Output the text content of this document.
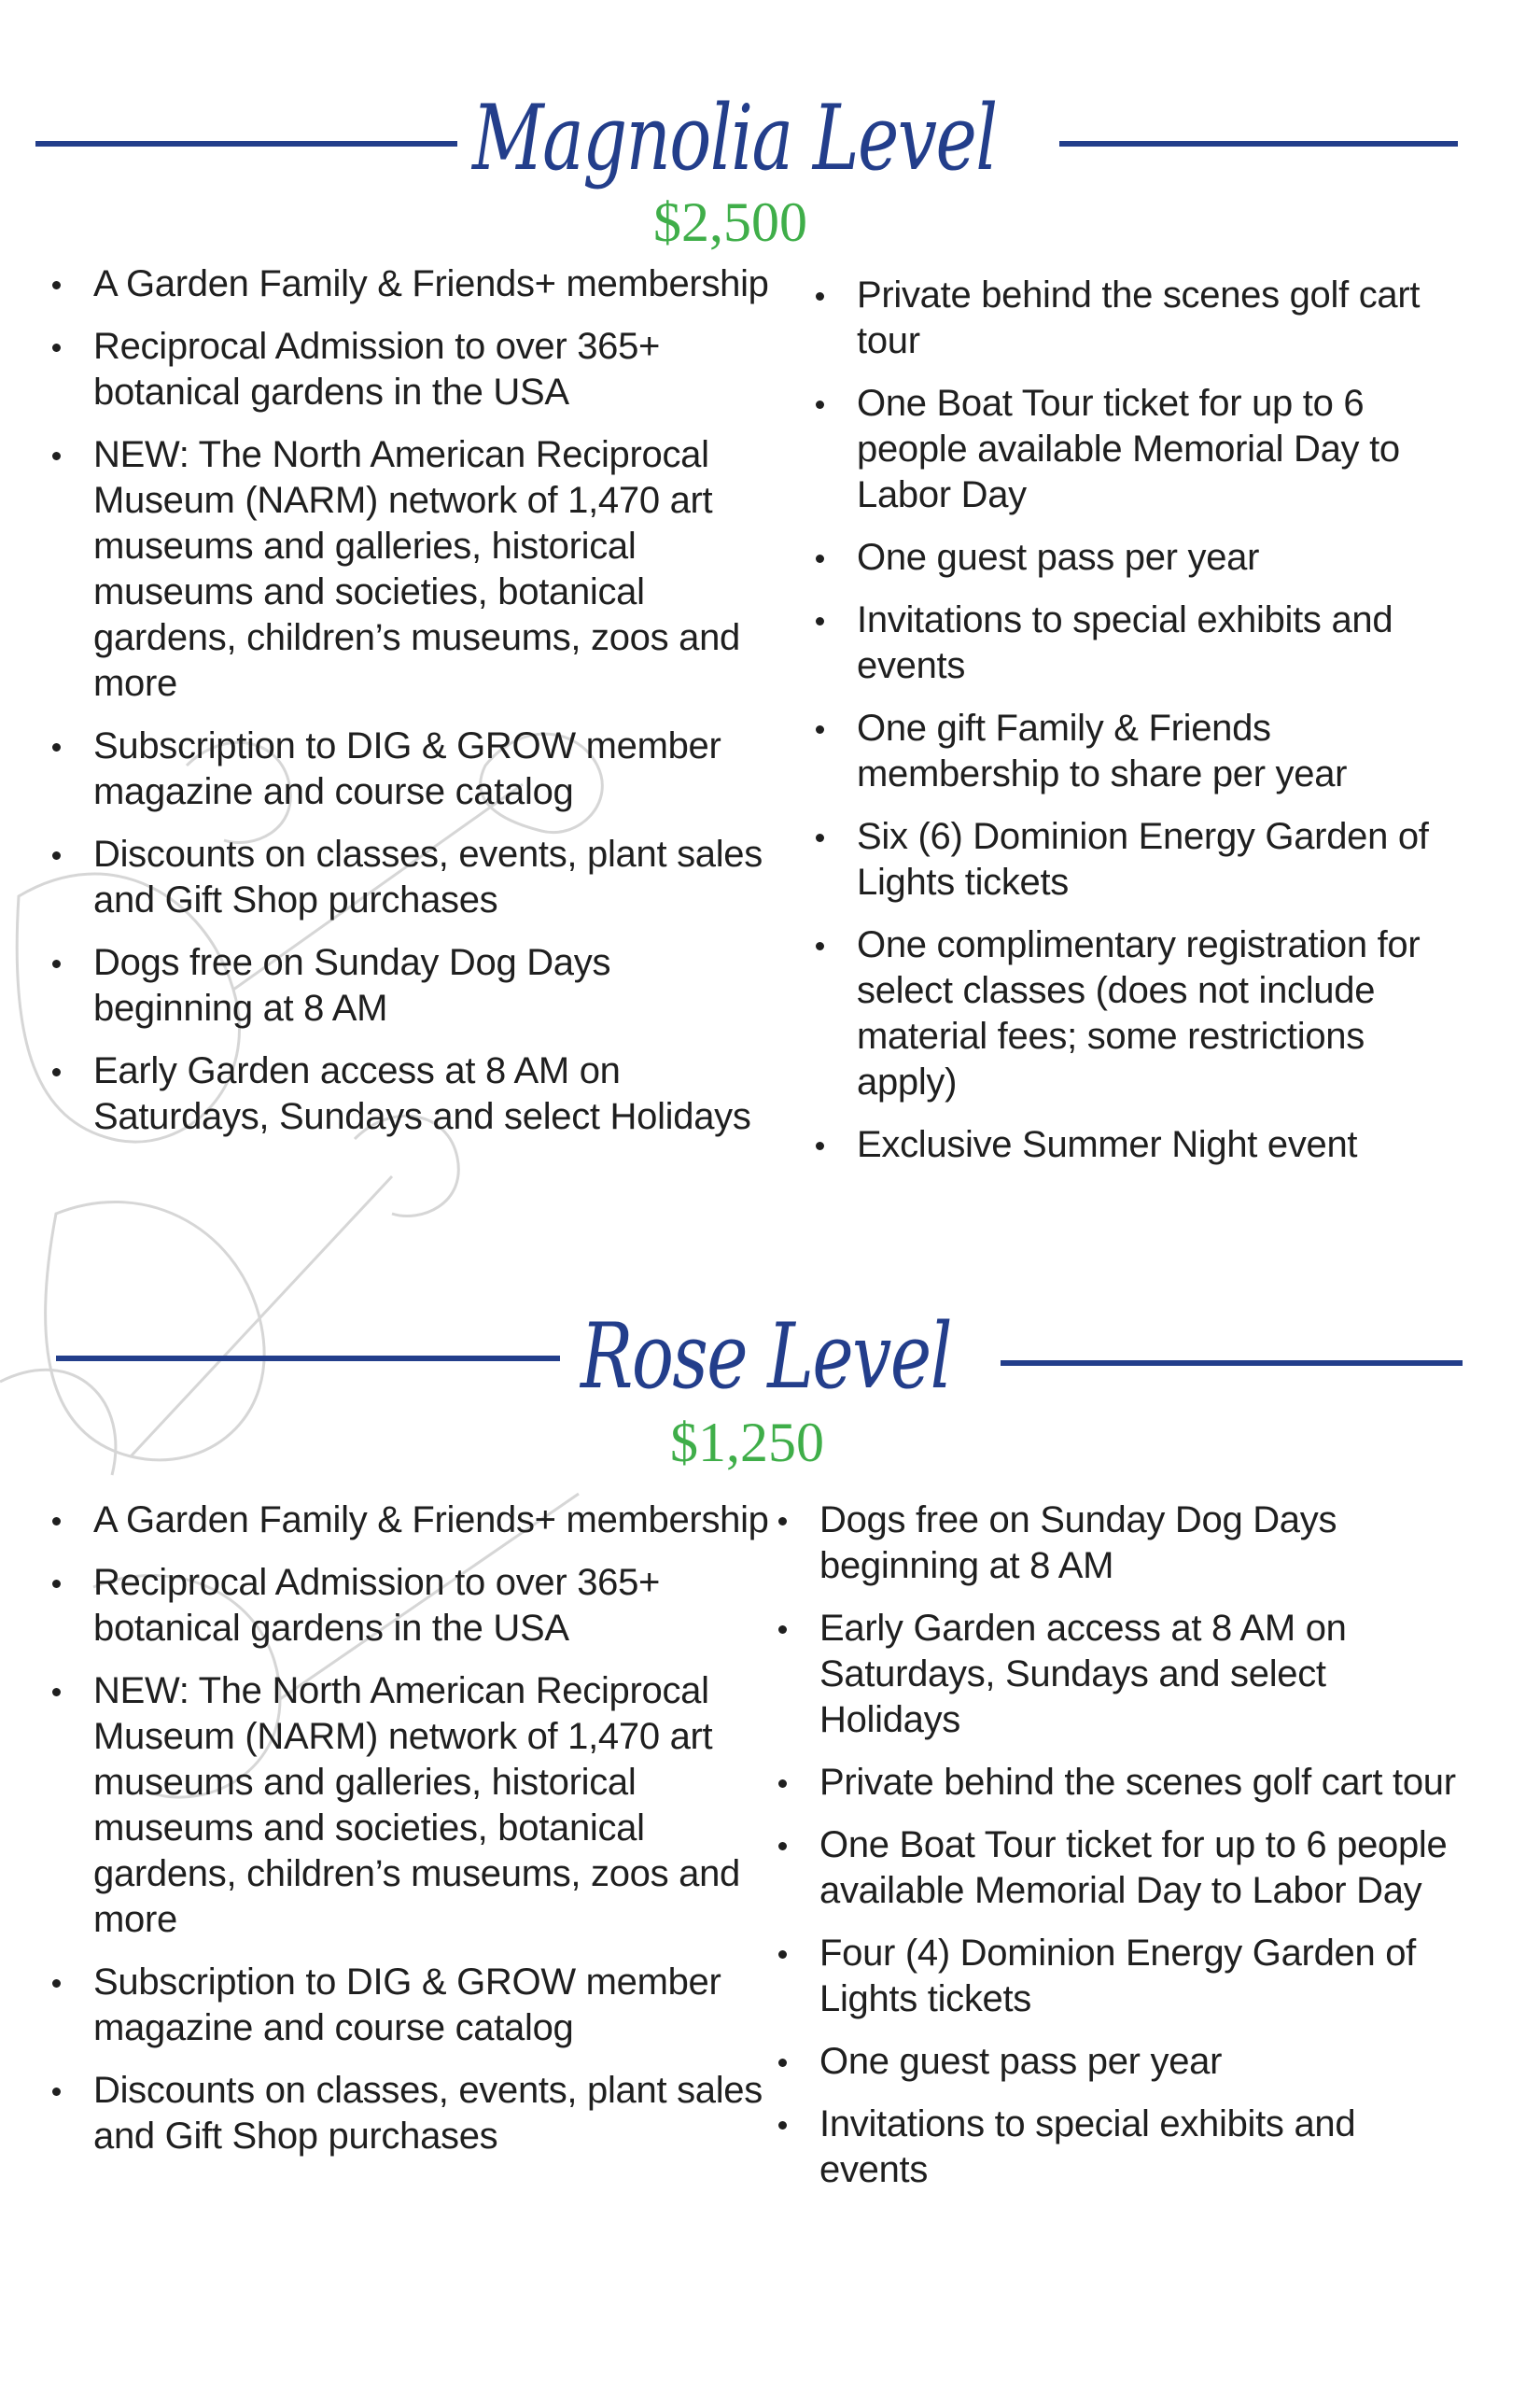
Magnolia Level
$2,500
A Garden Family & Friends+ membership
Reciprocal Admission to over 365+ botanical gardens in the USA
NEW: The North American Reciprocal Museum (NARM) network of 1,470 art museums and galleries, historical museums and societies, botanical gardens, children’s museums, zoos and more
Subscription to DIG & GROW member magazine and course catalog
Discounts on classes, events, plant sales and Gift Shop purchases
Dogs free on Sunday Dog Days beginning at 8 AM
Early Garden access at 8 AM on Saturdays, Sundays and select Holidays
Private behind the scenes golf cart tour
One Boat Tour ticket for up to 6 people available Memorial Day to Labor Day
One guest pass per year
Invitations to special exhibits and events
One gift Family & Friends membership to share per year
Six (6) Dominion Energy Garden of Lights tickets
One complimentary registration for select classes (does not include material fees; some restrictions apply)
Exclusive Summer Night event
Rose Level
$1,250
A Garden Family & Friends+ membership
Reciprocal Admission to over 365+ botanical gardens in the USA
NEW: The North American Reciprocal Museum (NARM) network of 1,470 art museums and galleries, historical museums and societies, botanical gardens, children’s museums, zoos and more
Subscription to DIG & GROW member magazine and course catalog
Discounts on classes, events, plant sales and Gift Shop purchases
Dogs free on Sunday Dog Days beginning at 8 AM
Early Garden access at 8 AM on Saturdays, Sundays and select Holidays
Private behind the scenes golf cart tour
One Boat Tour ticket for up to 6 people available Memorial Day to Labor Day
Four (4) Dominion Energy Garden of Lights tickets
One guest pass per year
Invitations to special exhibits and events
